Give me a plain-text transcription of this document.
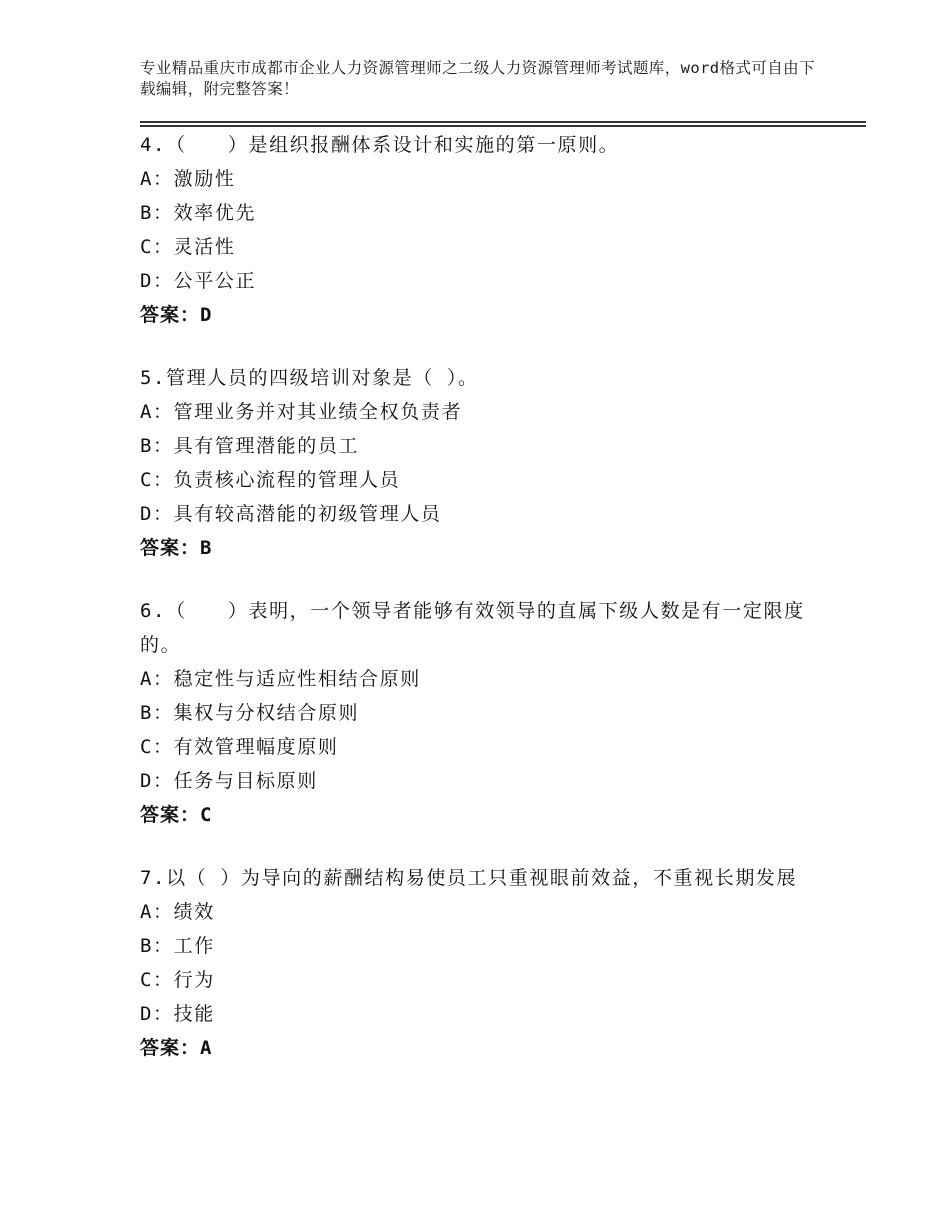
专业精品重庆市成都市企业人力资源管理师之二级人力资源管理师考试题库，word格式可自由下载编辑，附完整答案！
4.（　　）是组织报酬体系设计和实施的第一原则。
A：激励性
B：效率优先
C：灵活性
D：公平公正
答案：D
5.管理人员的四级培训对象是（ ）。
A：管理业务并对其业绩全权负责者
B：具有管理潜能的员工
C：负责核心流程的管理人员
D：具有较高潜能的初级管理人员
答案：B
6.（　　）表明，一个领导者能够有效领导的直属下级人数是有一定限度的。
A：稳定性与适应性相结合原则
B：集权与分权结合原则
C：有效管理幅度原则
D：任务与目标原则
答案：C
7.以（ ）为导向的薪酬结构易使员工只重视眼前效益，不重视长期发展
A：绩效
B：工作
C：行为
D：技能
答案：A
